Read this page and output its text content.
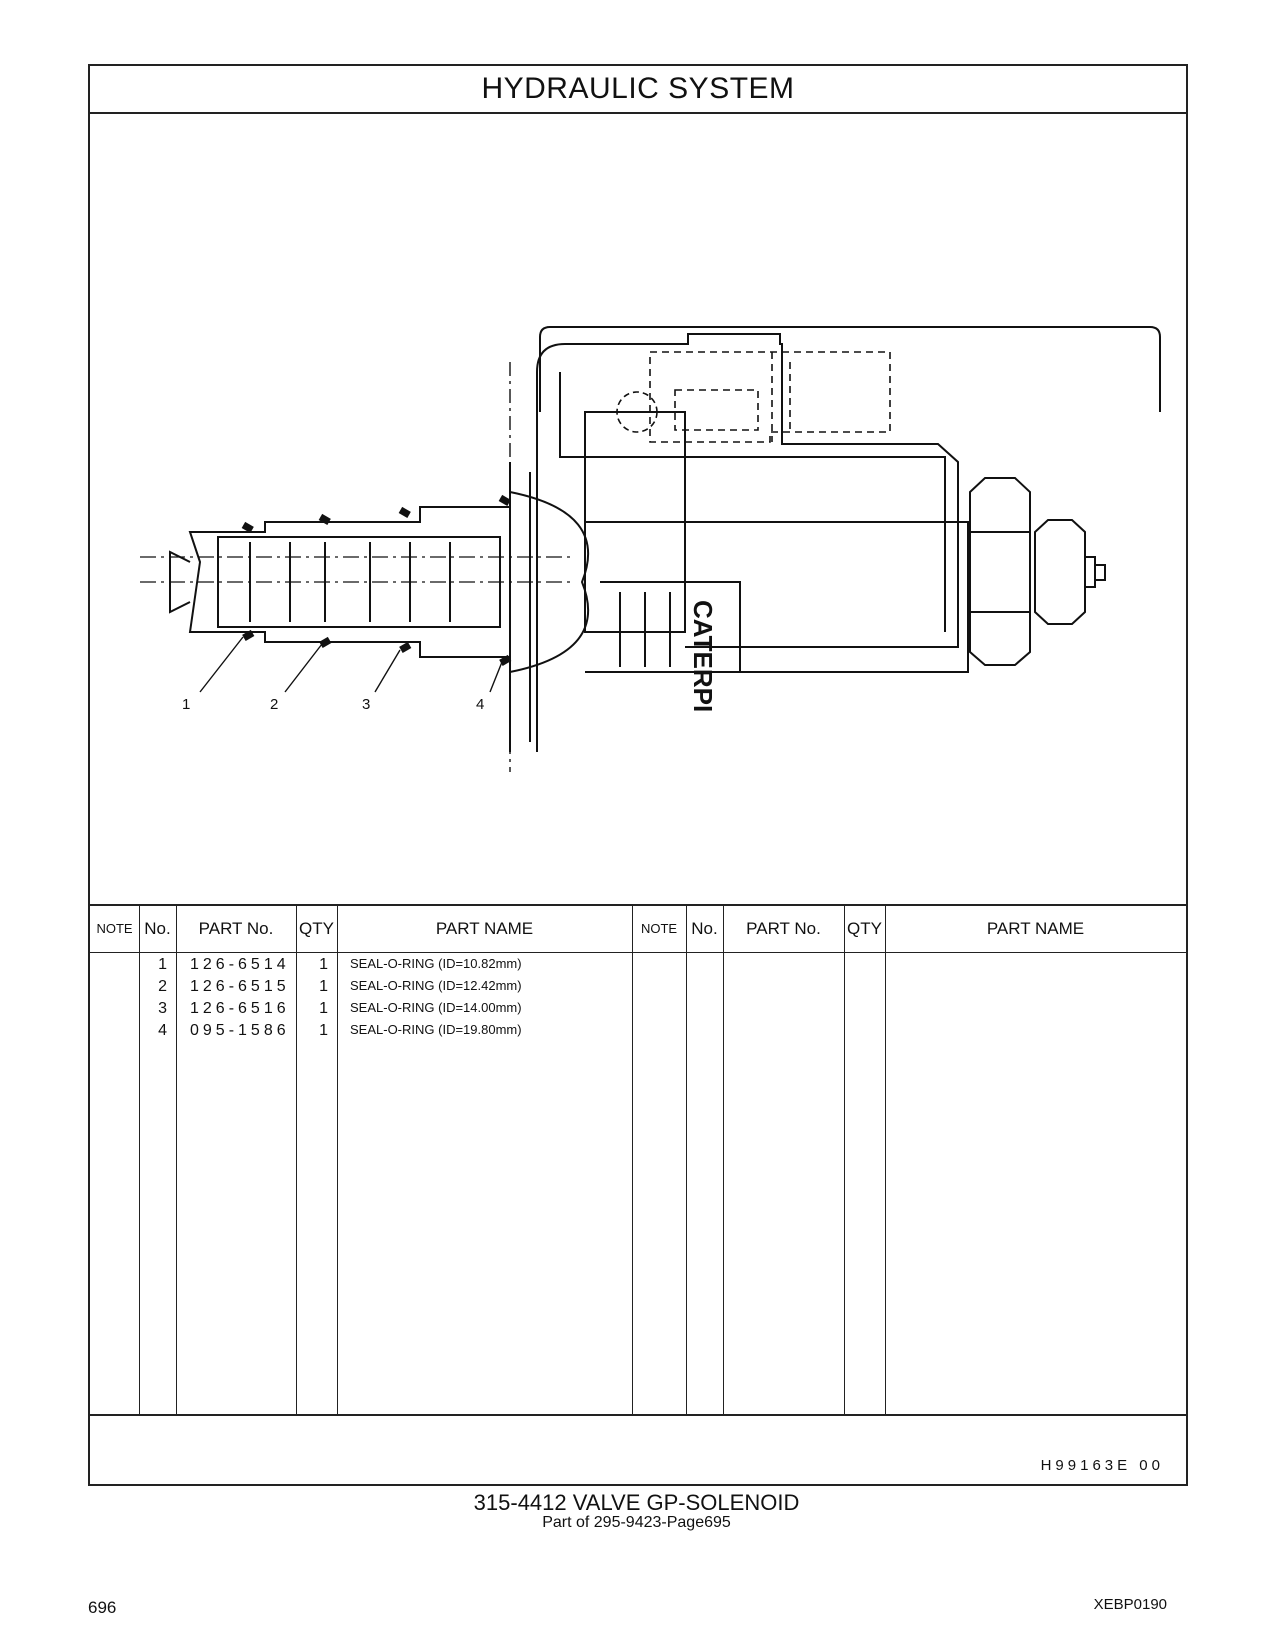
HYDRAULIC SYSTEM
1	2	3	4	CATERPI
NOTE No.	PART No.	QTY	PART NAME	NOTE No.	PART No.	QTY	PART NAME
1 126-6514	1 SEAL-O-RING (ID=10.82mm)
2 126-6515	1 SEAL-O-RING (ID=12.42mm)
3 126-6516	1 SEAL-O-RING (ID=14.00mm)
4 095-1586	1 SEAL-O-RING (ID=19.80mm)
H99163E 00
315-4412 VALVE GP-SOLENOID
Part of 295-9423-Page695
696	XEBP0190
